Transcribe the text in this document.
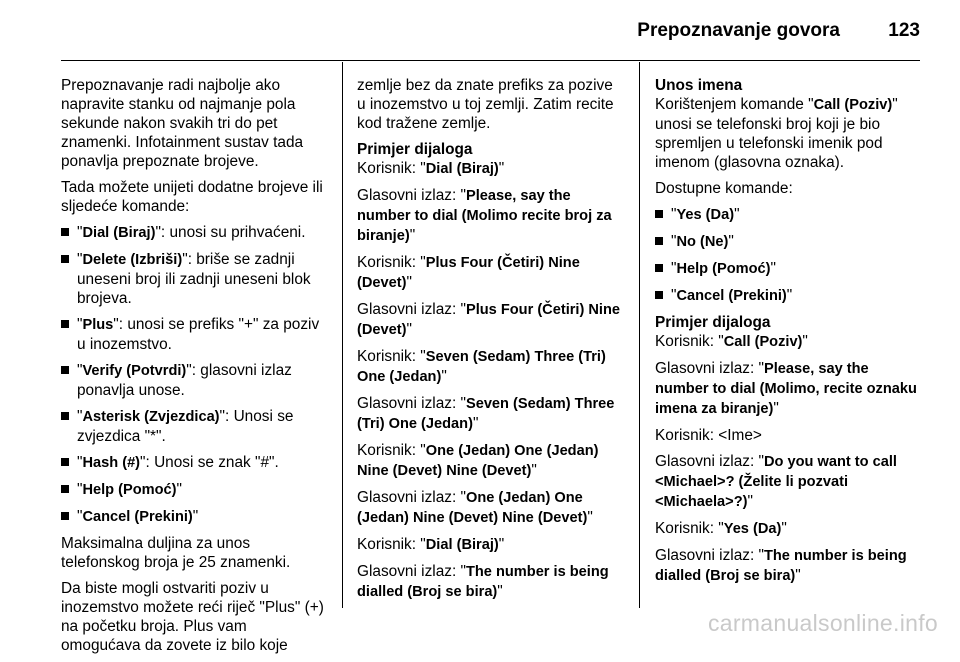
Prepoznavanje govora	123

Prepoznavanje radi najbolje ako napravite stanku od najmanje pola sekunde nakon svakih tri do pet znamenki. Infotainment sustav tada ponavlja prepoznate brojeve.

Tada možete unijeti dodatne brojeve ili sljedeće komande:

"Dial (Biraj)": unosi su prihvaćeni.
"Delete (Izbriši)": briše se zadnji uneseni broj ili zadnji uneseni blok brojeva.
"Plus": unosi se prefiks "+" za poziv u inozemstvo.
"Verify (Potvrdi)": glasovni izlaz ponavlja unose.
"Asterisk (Zvjezdica)": Unosi se zvjezdica "*".
"Hash (#)": Unosi se znak "#".
"Help (Pomoć)"
"Cancel (Prekini)"

Maksimalna duljina za unos telefonskog broja je 25 znamenki.

Da biste mogli ostvariti poziv u inozemstvo možete reći riječ "Plus" (+) na početku broja. Plus vam omogućava da zovete iz bilo koje

zemlje bez da znate prefiks za pozive u inozemstvo u toj zemlji. Zatim recite kod tražene zemlje.

Primjer dijaloga

Korisnik: "Dial (Biraj)"

Glasovni izlaz: "Please, say the number to dial (Molimo recite broj za biranje)"

Korisnik: "Plus Four (Četiri) Nine (Devet)"

Glasovni izlaz: "Plus Four (Četiri) Nine (Devet)"

Korisnik: "Seven (Sedam) Three (Tri) One (Jedan)"

Glasovni izlaz: "Seven (Sedam) Three (Tri) One (Jedan)"

Korisnik: "One (Jedan) One (Jedan) Nine (Devet) Nine (Devet)"

Glasovni izlaz: "One (Jedan) One (Jedan) Nine (Devet) Nine (Devet)"

Korisnik: "Dial (Biraj)"

Glasovni izlaz: "The number is being dialled (Broj se bira)"

Unos imena

Korištenjem komande "Call (Poziv)" unosi se telefonski broj koji je bio spremljen u telefonski imenik pod imenom (glasovna oznaka).

Dostupne komande:

"Yes (Da)"
"No (Ne)"
"Help (Pomoć)"
"Cancel (Prekini)"

Primjer dijaloga

Korisnik: "Call (Poziv)"

Glasovni izlaz: "Please, say the number to dial (Molimo, recite oznaku imena za biranje)"

Korisnik: <Ime>

Glasovni izlaz: "Do you want to call <Michael>? (Želite li pozvati <Michaela>?)"

Korisnik: "Yes (Da)"

Glasovni izlaz: "The number is being dialled (Broj se bira)"

carmanualsonline.info
